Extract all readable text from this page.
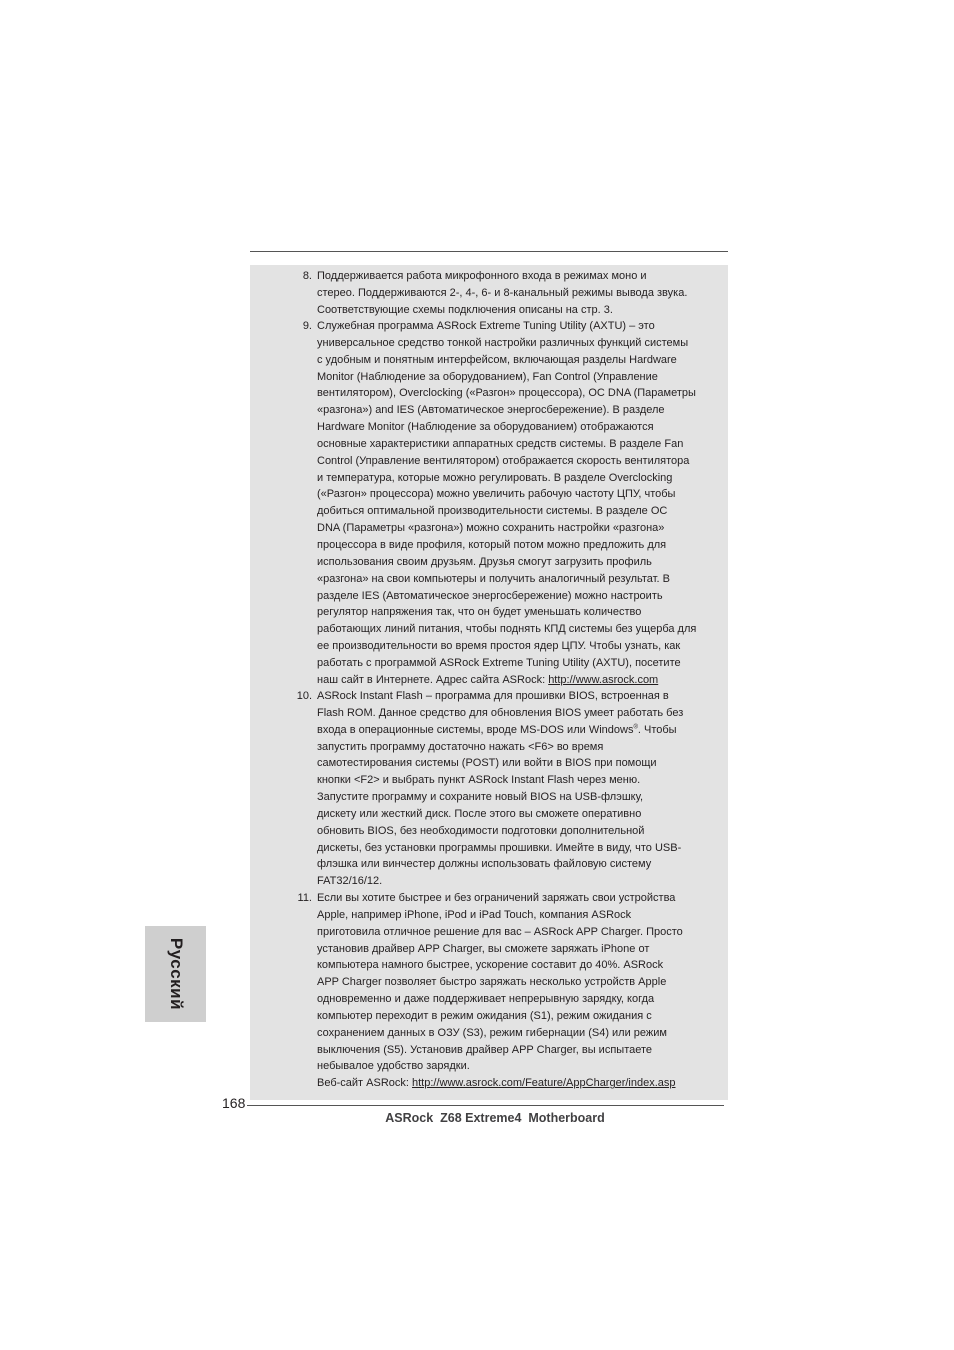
8. Поддерживается работа микрофонного входа в режимах моно и
стерео. Поддерживаются 2-, 4-, 6- и 8-канальный режимы вывода звука.
Соответствующие схемы подключения описаны на стр. 3.
9. Служебная программа ASRock Extreme Tuning Utility (AXTU) – это
универсальное средство тонкой настройки различных функций системы
с удобным и понятным интерфейсом, включающая разделы Hardware
Monitor (Наблюдение за оборудованием), Fan Control (Управление
вентилятором), Overclocking («Разгон» процессора), OC DNA (Параметры
«разгона») and IES (Автоматическое энергосбережение). В разделе
Hardware Monitor (Наблюдение за оборудованием) отображаются
основные характеристики аппаратных средств системы. В разделе Fan
Control (Управление вентилятором) отображается скорость вентилятора
и температура, которые можно регулировать. В разделе Overclocking
(«Разгон» процессора) можно увеличить рабочую частоту ЦПУ, чтобы
добиться оптимальной производительности системы. В разделе OC
DNA (Параметры «разгона») можно сохранить настройки «разгона»
процессора в виде профиля, который потом можно предложить для
использования своим друзьям. Друзья смогут загрузить профиль
«разгона» на свои компьютеры и получить аналогичный результат. В
разделе IES (Автоматическое энергосбережение) можно настроить
регулятор напряжения так, что он будет уменьшать количество
работающих линий питания, чтобы поднять КПД системы без ущерба для
ее производительности во время простоя ядер ЦПУ. Чтобы узнать, как
работать с программой ASRock Extreme Tuning Utility (AXTU), посетите
наш сайт в Интернете. Адрес сайта ASRock: http://www.asrock.com
10. ASRock Instant Flash – программа для прошивки BIOS, встроенная в
Flash ROM. Данное средство для обновления BIOS умеет работать без
входа в операционные системы, вроде MS-DOS или Windows®. Чтобы
запустить программу достаточно нажать <F6> во время
самотестирования системы (POST) или войти в BIOS при помощи
кнопки <F2> и выбрать пункт ASRock Instant Flash через меню.
Запустите программу и сохраните новый BIOS на USB-флэшку,
дискету или жесткий диск. После этого вы сможете оперативно
обновить BIOS, без необходимости подготовки дополнительной
дискеты, без установки программы прошивки. Имейте в виду, что USB-
флэшка или винчестер должны использовать файловую систему
FAT32/16/12.
11. Если вы хотите быстрее и без ограничений заряжать свои устройства
Apple, например iPhone, iPod и iPad Touch, компания ASRock
приготовила отличное решение для вас – ASRock APP Charger. Просто
установив драйвер APP Charger, вы сможете заряжать iPhone от
компьютера намного быстрее, ускорение составит до 40%. ASRock
APP Charger позволяет быстро заряжать несколько устройств Apple
одновременно и даже поддерживает непрерывную зарядку, когда
компьютер переходит в режим ожидания (S1), режим ожидания с
сохранением данных в ОЗУ (S3), режим гибернации (S4) или режим
выключения (S5). Установив драйвер APP Charger, вы испытаете
небывалое удобство зарядки.
Веб-сайт ASRock: http://www.asrock.com/Feature/AppCharger/index.asp
Русский
168
ASRock  Z68 Extreme4  Motherboard
